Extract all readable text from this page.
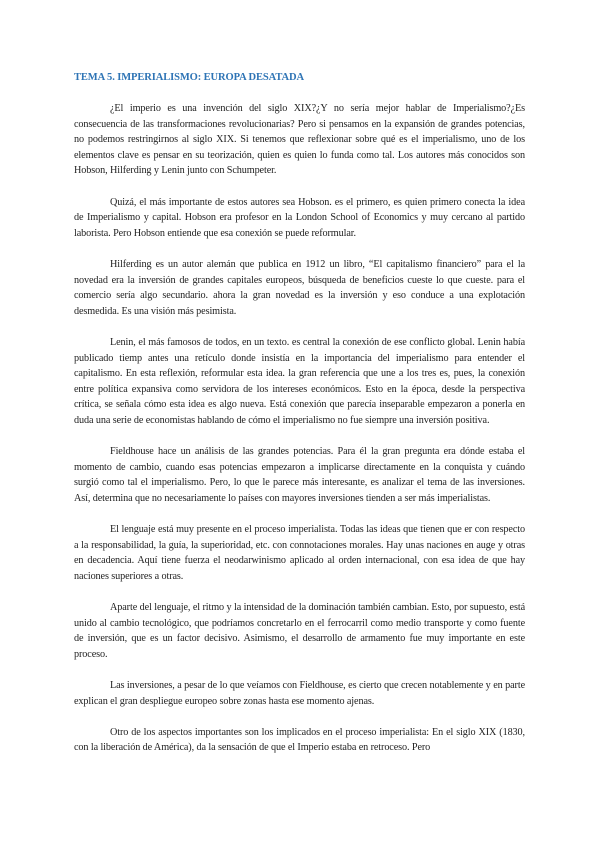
TEMA 5. IMPERIALISMO: EUROPA DESATADA

¿El imperio es una invención del siglo XIX?¿Y no sería mejor hablar de Imperialismo?¿Es consecuencia de las transformaciones revolucionarias? Pero si pensamos en la expansión de grandes potencias, no podemos restringirnos al siglo XIX. Si tenemos que reflexionar sobre qué es el imperialismo, uno de los elementos clave es pensar en su teorización, quien es quien lo funda como tal. Los autores más conocidos son Hobson, Hilferding y Lenin junto con Schumpeter.

Quizá, el más importante de estos autores sea Hobson. es el primero, es quien primero conecta la idea de Imperialismo y capital. Hobson era profesor en la London School of Economics y muy cercano al partido laborista. Pero Hobson entiende que esa conexión se puede reformular.

Hilferding es un autor alemán que publica en 1912 un libro, “El capitalismo financiero” para el la novedad era la inversión de grandes capitales europeos, búsqueda de beneficios cueste lo que cueste. para el comercio sería algo secundario. ahora la gran novedad es la inversión y eso conduce a una explotación desmedida. Es una visión más pesimista.

Lenin, el más famosos de todos, en un texto. es central la conexión de ese conflicto global. Lenin había publicado tiemp antes una retículo donde insistía en la importancia del imperialismo para entender el capitalismo. En esta reflexión, reformular esta idea. la gran referencia que une a los tres es, pues, la conexión entre política expansiva como servidora de los intereses económicos. Esto en la época, desde la perspectiva crítica, se señala cómo esta idea es algo nueva. Está conexión que parecía inseparable empezaron a ponerla en duda una serie de economistas hablando de cómo el imperialismo no fue siempre una inversión positiva.

Fieldhouse hace un análisis de las grandes potencias. Para él la gran pregunta era dónde estaba el momento de cambio, cuando esas potencias empezaron a implicarse directamente en la conquista y cuándo surgió como tal el imperialismo. Pero, lo que le parece más interesante, es analizar el tema de las inversiones. Así, determina que no necesariamente lo países con mayores inversiones tienden a ser más imperialistas.

El lenguaje está muy presente en el proceso imperialista. Todas las ideas que tienen que er con respecto a la responsabilidad, la guía, la superioridad, etc. con connotaciones morales. Hay unas naciones en auge y otras en decadencia. Aquí tiene fuerza el neodarwinismo aplicado al orden internacional, con esa idea de que hay naciones superiores a otras.

Aparte del lenguaje, el ritmo y la intensidad de la dominación también cambian. Esto, por supuesto, está unido al cambio tecnológico, que podríamos concretarlo en el ferrocarril como medio transporte y como fuente de inversión, que es un factor decisivo. Asimismo, el desarrollo de armamento fue muy importante en este proceso.

Las inversiones, a pesar de lo que veíamos con Fieldhouse, es cierto que crecen notablemente y en parte explican el gran despliegue europeo sobre zonas hasta ese momento ajenas.

Otro de los aspectos importantes son los implicados en el proceso imperialista: En el siglo XIX (1830, con la liberación de América), da la sensación de que el Imperio estaba en retroceso. Pero
